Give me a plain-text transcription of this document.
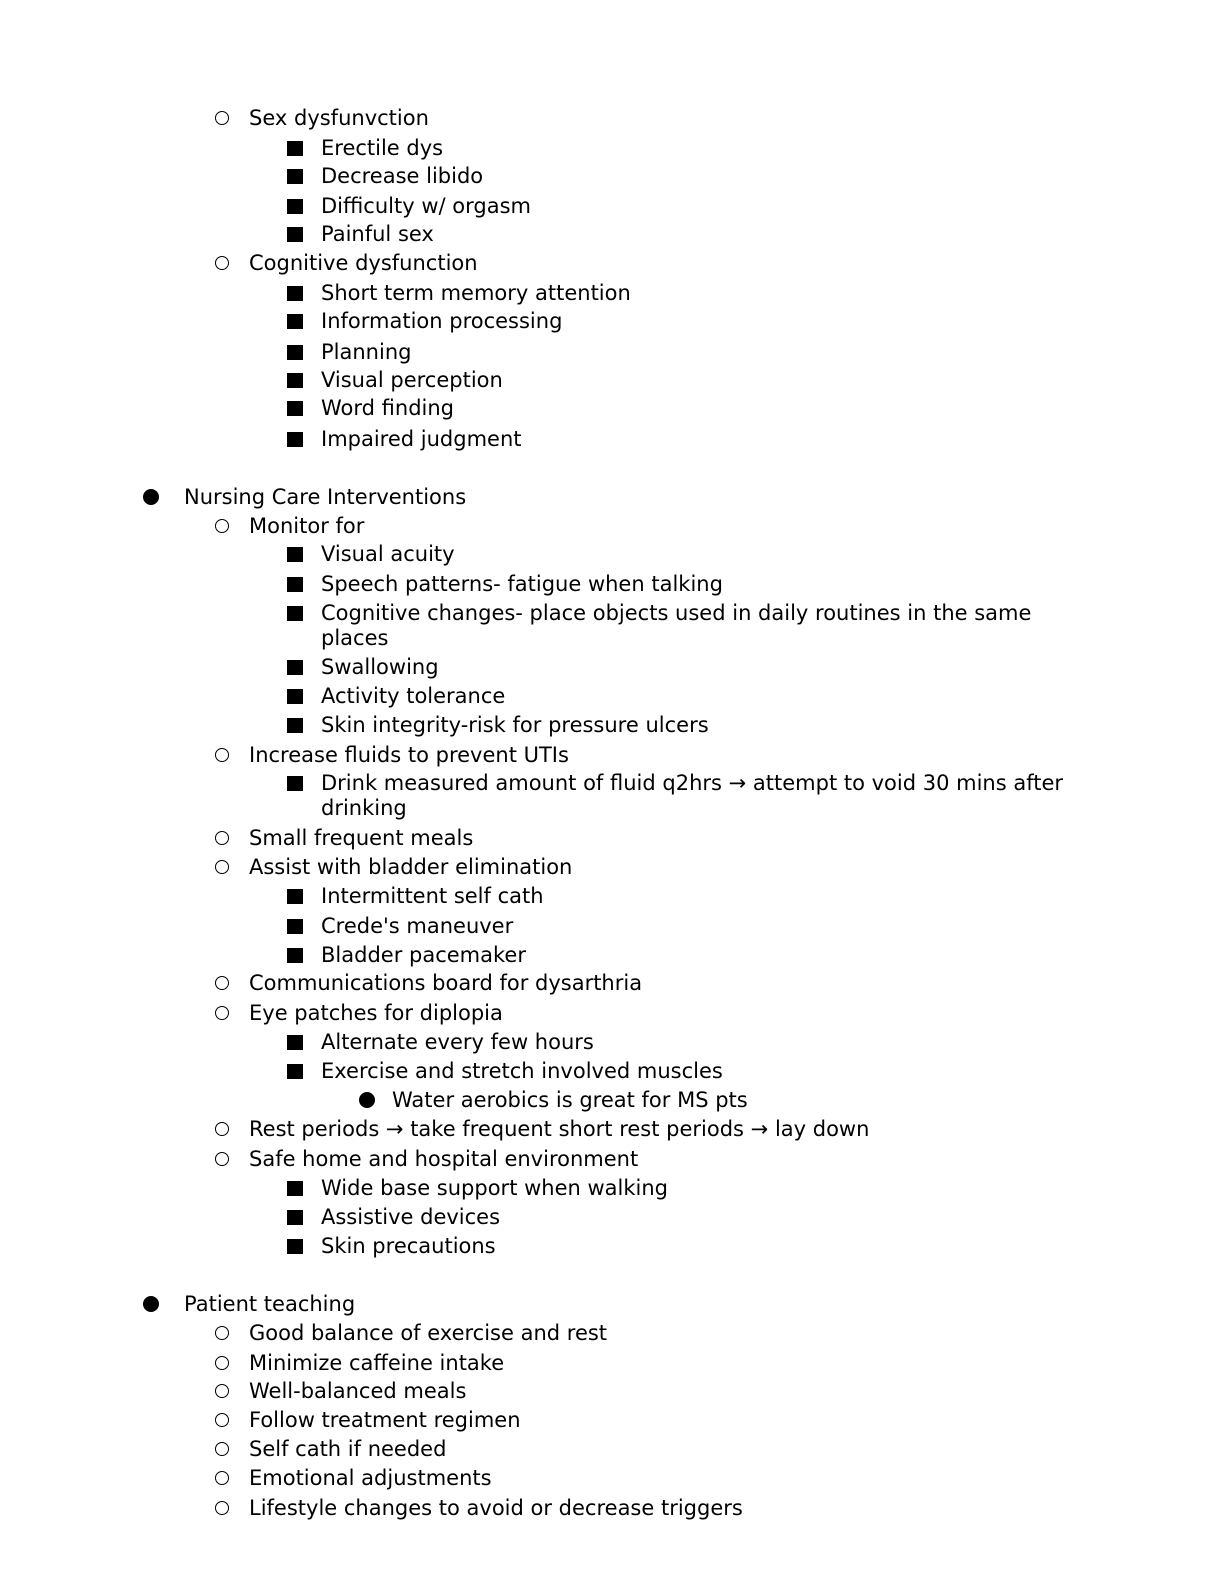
Sex dysfunvction
Erectile dys
Decrease libido
Difficulty w/ orgasm
Painful sex
Cognitive dysfunction
Short term memory attention
Information processing
Planning
Visual perception
Word finding
Impaired judgment
Nursing Care Interventions
Monitor for
Visual acuity
Speech patterns- fatigue when talking
Cognitive changes- place objects used in daily routines in the same places
Swallowing
Activity tolerance
Skin integrity-risk for pressure ulcers
Increase fluids to prevent UTIs
Drink measured amount of fluid q2hrs → attempt to void 30 mins after drinking
Small frequent meals
Assist with bladder elimination
Intermittent self cath
Crede's maneuver
Bladder pacemaker
Communications board for dysarthria
Eye patches for diplopia
Alternate every few hours
Exercise and stretch involved muscles
Water aerobics is great for MS pts
Rest periods → take frequent short rest periods → lay down
Safe home and hospital environment
Wide base support when walking
Assistive devices
Skin precautions
Patient teaching
Good balance of exercise and rest
Minimize caffeine intake
Well-balanced meals
Follow treatment regimen
Self cath if needed
Emotional adjustments
Lifestyle changes to avoid or decrease triggers
